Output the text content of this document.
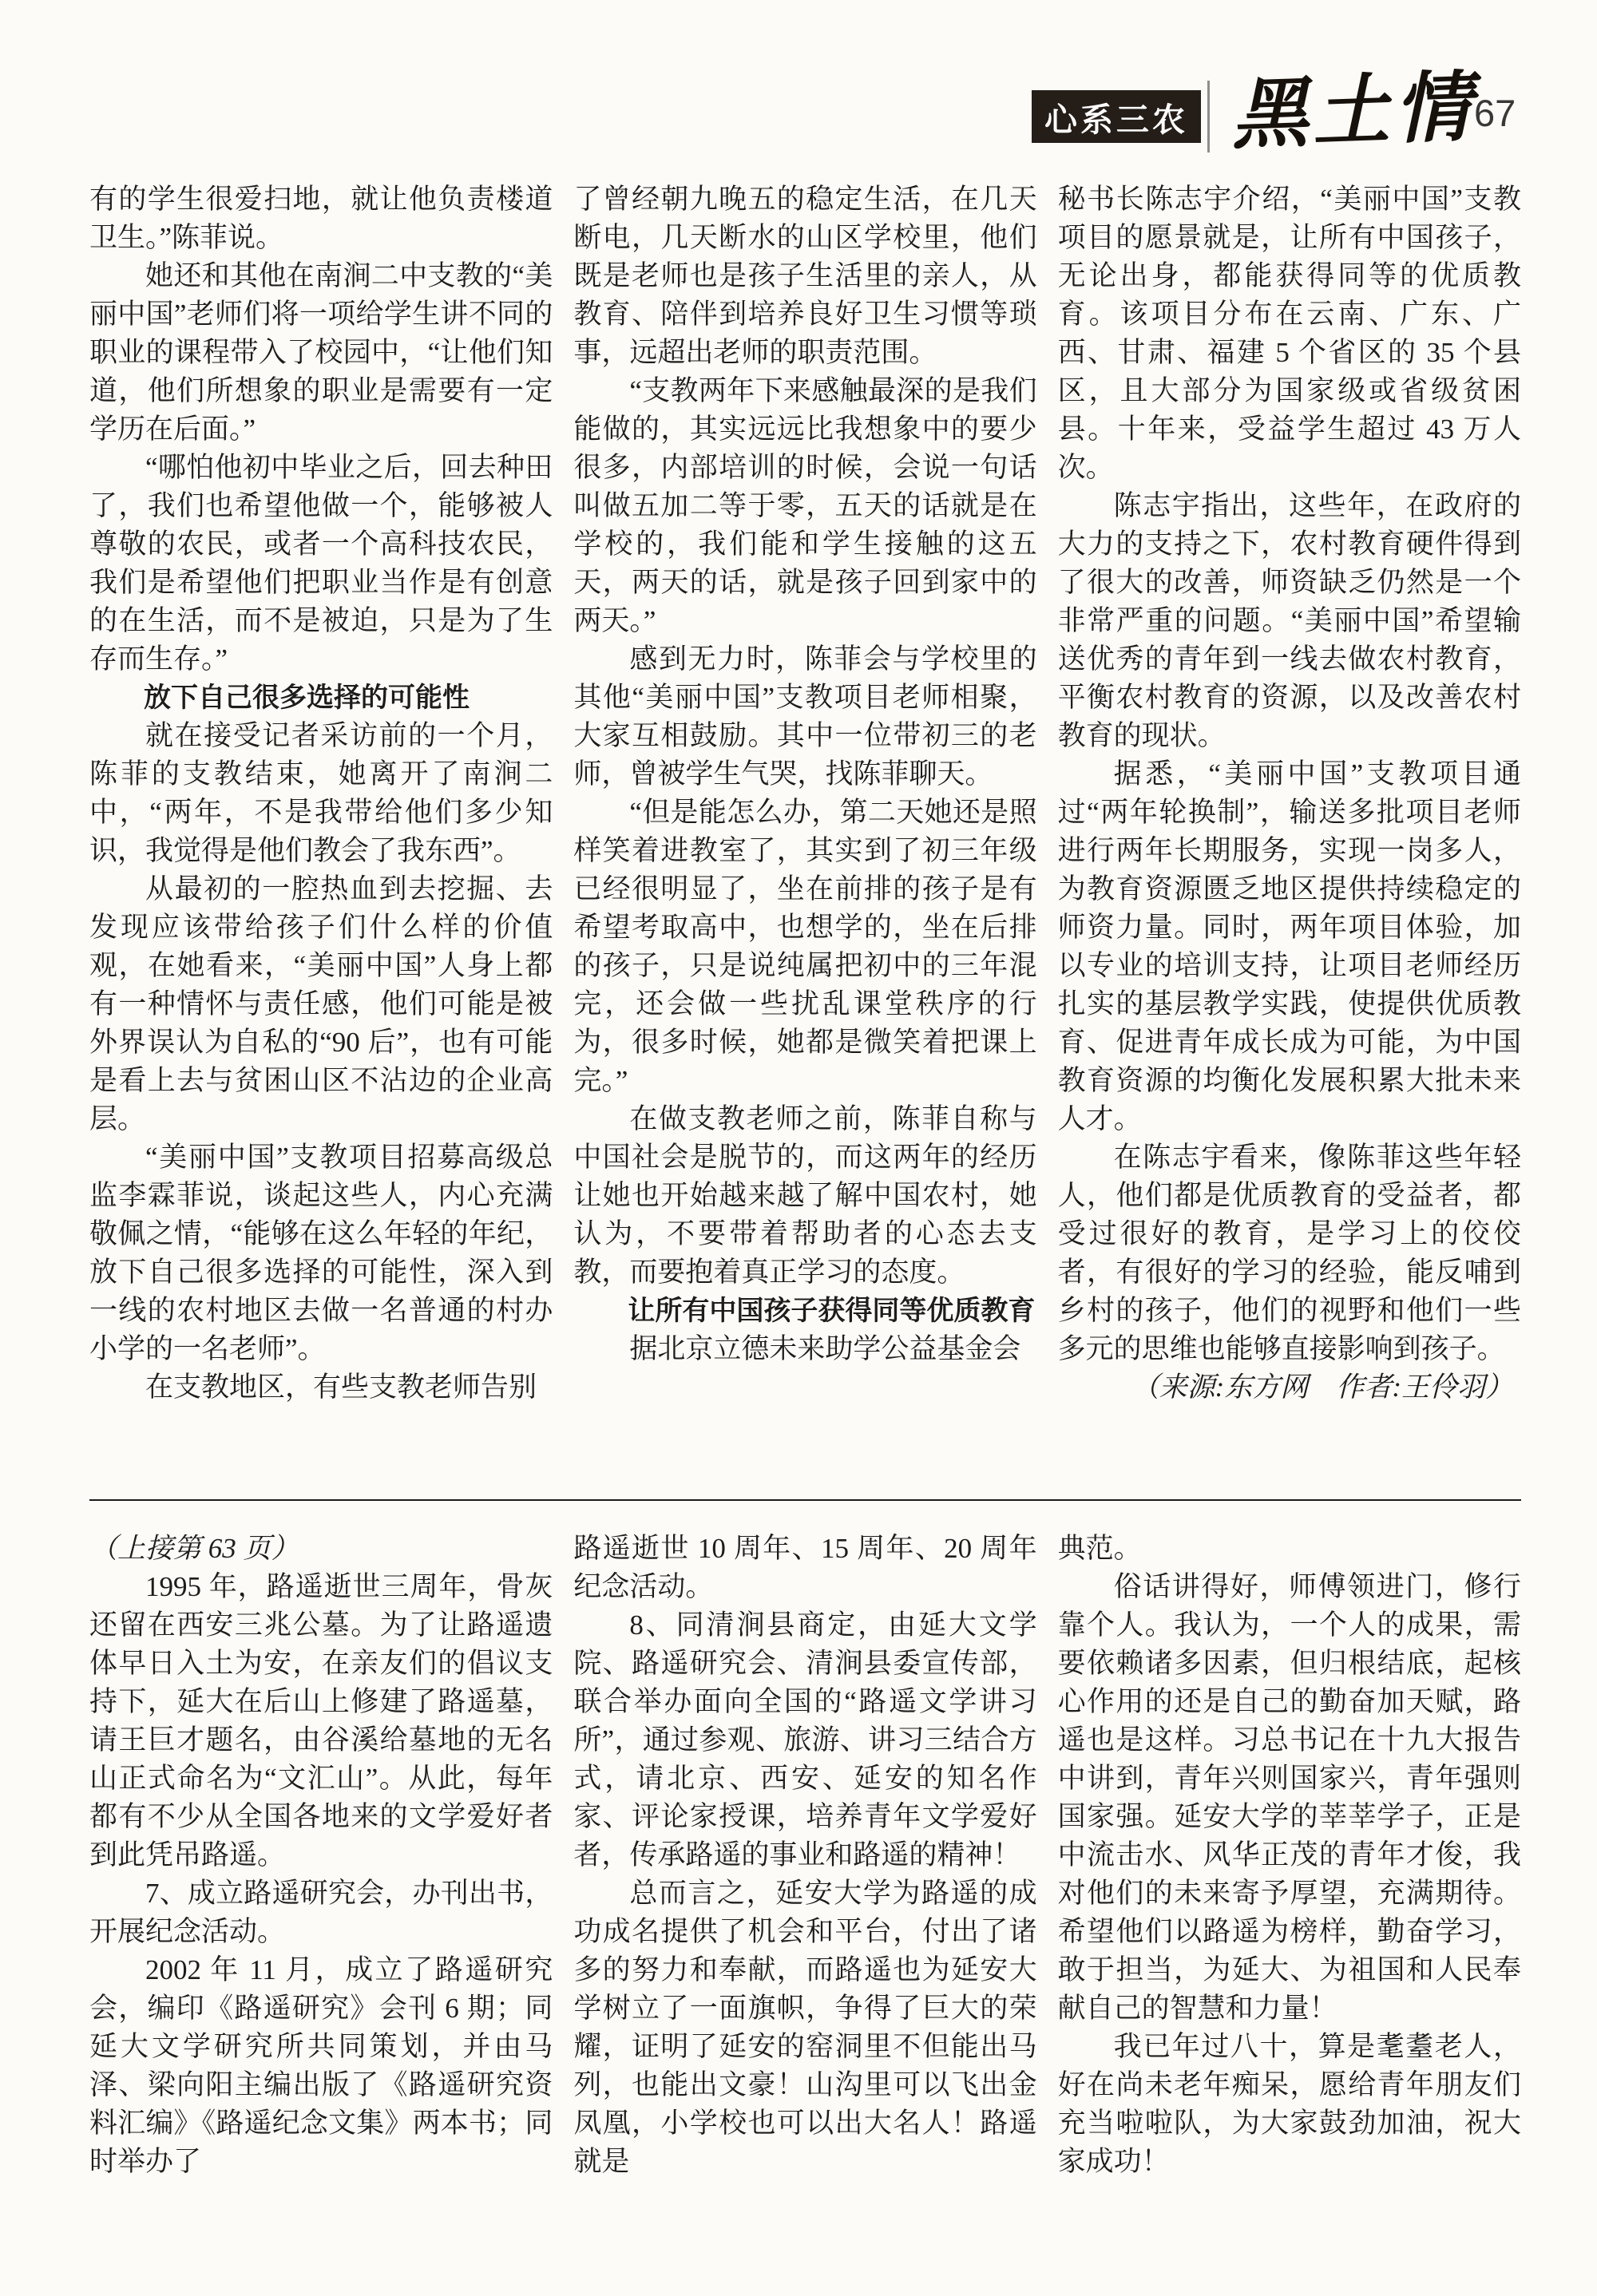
心系三农 黑土情
67

有的学生很爱扫地，就让他负责楼道卫生。”陈菲说。

她还和其他在南涧二中支教的“美丽中国”老师们将一项给学生讲不同的职业的课程带入了校园中，“让他们知道，他们所想象的职业是需要有一定学历在后面。”

“哪怕他初中毕业之后，回去种田了，我们也希望他做一个，能够被人尊敬的农民，或者一个高科技农民，我们是希望他们把职业当作是有创意的在生活，而不是被迫，只是为了生存而生存。”

放下自己很多选择的可能性

就在接受记者采访前的一个月，陈菲的支教结束，她离开了南涧二中，“两年，不是我带给他们多少知识，我觉得是他们教会了我东西”。

从最初的一腔热血到去挖掘、去发现应该带给孩子们什么样的价值观，在她看来，“美丽中国”人身上都有一种情怀与责任感，他们可能是被外界误认为自私的“90 后”，也有可能是看上去与贫困山区不沾边的企业高层。

“美丽中国”支教项目招募高级总监李霖菲说，谈起这些人，内心充满敬佩之情，“能够在这么年轻的年纪，放下自己很多选择的可能性，深入到一线的农村地区去做一名普通的村办小学的一名老师”。

在支教地区，有些支教老师告别

了曾经朝九晚五的稳定生活，在几天断电，几天断水的山区学校里，他们既是老师也是孩子生活里的亲人，从教育、陪伴到培养良好卫生习惯等琐事，远超出老师的职责范围。

“支教两年下来感触最深的是我们能做的，其实远远比我想象中的要少很多，内部培训的时候，会说一句话叫做五加二等于零，五天的话就是在学校的，我们能和学生接触的这五天，两天的话，就是孩子回到家中的两天。”

感到无力时，陈菲会与学校里的其他“美丽中国”支教项目老师相聚，大家互相鼓励。其中一位带初三的老师，曾被学生气哭，找陈菲聊天。

“但是能怎么办，第二天她还是照样笑着进教室了，其实到了初三年级已经很明显了，坐在前排的孩子是有希望考取高中，也想学的，坐在后排的孩子，只是说纯属把初中的三年混完，还会做一些扰乱课堂秩序的行为，很多时候，她都是微笑着把课上完。”

在做支教老师之前，陈菲自称与中国社会是脱节的，而这两年的经历让她也开始越来越了解中国农村，她认为，不要带着帮助者的心态去支教，而要抱着真正学习的态度。

让所有中国孩子获得同等优质教育

据北京立德未来助学公益基金会

秘书长陈志宇介绍，“美丽中国”支教项目的愿景就是，让所有中国孩子，无论出身，都能获得同等的优质教育。该项目分布在云南、广东、广西、甘肃、福建 5 个省区的 35 个县区，且大部分为国家级或省级贫困县。十年来，受益学生超过 43 万人次。

陈志宇指出，这些年，在政府的大力的支持之下，农村教育硬件得到了很大的改善，师资缺乏仍然是一个非常严重的问题。“美丽中国”希望输送优秀的青年到一线去做农村教育，平衡农村教育的资源，以及改善农村教育的现状。

据悉，“美丽中国”支教项目通过“两年轮换制”，输送多批项目老师进行两年长期服务，实现一岗多人，为教育资源匮乏地区提供持续稳定的师资力量。同时，两年项目体验，加以专业的培训支持，让项目老师经历扎实的基层教学实践，使提供优质教育、促进青年成长成为可能，为中国教育资源的均衡化发展积累大批未来人才。

在陈志宇看来，像陈菲这些年轻人，他们都是优质教育的受益者，都受过很好的教育，是学习上的佼佼者，有很好的学习的经验，能反哺到乡村的孩子，他们的视野和他们一些多元的思维也能够直接影响到孩子。

（来源:东方网　作者:王伶羽）

（上接第 63 页）

1995 年，路遥逝世三周年，骨灰还留在西安三兆公墓。为了让路遥遗体早日入土为安，在亲友们的倡议支持下，延大在后山上修建了路遥墓，请王巨才题名，由谷溪给墓地的无名山正式命名为“文汇山”。从此，每年都有不少从全国各地来的文学爱好者到此凭吊路遥。

7、成立路遥研究会，办刊出书，开展纪念活动。

2002 年 11 月，成立了路遥研究会，编印《路遥研究》会刊 6 期；同延大文学研究所共同策划，并由马泽、梁向阳主编出版了《路遥研究资料汇编》《路遥纪念文集》两本书；同时举办了

路遥逝世 10 周年、15 周年、20 周年纪念活动。

8、同清涧县商定，由延大文学院、路遥研究会、清涧县委宣传部，联合举办面向全国的“路遥文学讲习所”，通过参观、旅游、讲习三结合方式，请北京、西安、延安的知名作家、评论家授课，培养青年文学爱好者，传承路遥的事业和路遥的精神！

总而言之，延安大学为路遥的成功成名提供了机会和平台，付出了诸多的努力和奉献，而路遥也为延安大学树立了一面旗帜，争得了巨大的荣耀，证明了延安的窑洞里不但能出马列，也能出文豪！山沟里可以飞出金凤凰，小学校也可以出大名人！路遥就是

典范。

俗话讲得好，师傅领进门，修行靠个人。我认为，一个人的成果，需要依赖诸多因素，但归根结底，起核心作用的还是自己的勤奋加天赋，路遥也是这样。习总书记在十九大报告中讲到，青年兴则国家兴，青年强则国家强。延安大学的莘莘学子，正是中流击水、风华正茂的青年才俊，我对他们的未来寄予厚望，充满期待。希望他们以路遥为榜样，勤奋学习，敢于担当，为延大、为祖国和人民奉献自己的智慧和力量！

我已年过八十，算是耄耋老人，好在尚未老年痴呆，愿给青年朋友们充当啦啦队，为大家鼓劲加油，祝大家成功！
